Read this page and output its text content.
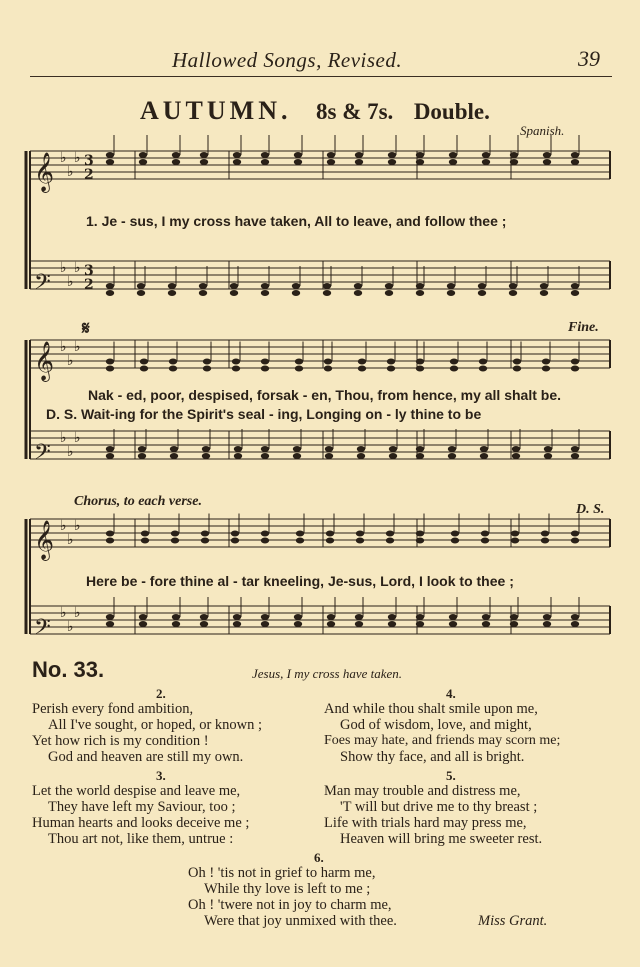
Hallowed Songs, Revised.	39
AUTUMN. 8s & 7s. Double.
Spanish.
𝄞 ♭
♭
♭
𝄢
♭
♭
♭
𝄞 ♭
♭
♭
𝄢
♭
♭
♭
𝄞 ♭
♭
♭
𝄢
♭
♭
♭
3
2
3
2
1. Je - sus, I my cross have taken, All to leave, and follow thee ;
𝄋	Fine.
Nak - ed, poor, despised, forsak - en, Thou, from hence, my all shalt be.
D. S. Wait-ing for the Spirit's seal - ing, Longing on - ly thine to be
Chorus, to each verse.
D. S.
Here be - fore thine al - tar kneeling, Je-sus, Lord, I look to thee ;
No. 33.	Jesus, I my cross have taken.
2.
Perish every fond ambition,
All I've sought, or hoped, or known ;
Yet how rich is my condition !
God and heaven are still my own.
3.
Let the world despise and leave me,
They have left my Saviour, too ;
Human hearts and looks deceive me ;
Thou art not, like them, untrue :
4.
And while thou shalt smile upon me,
God of wisdom, love, and might,
Foes may hate, and friends may scorn me;
Show thy face, and all is bright.
5.
Man may trouble and distress me,
'T will but drive me to thy breast ;
Life with trials hard may press me,
Heaven will bring me sweeter rest.
6.
Oh ! 'tis not in grief to harm me,
While thy love is left to me ;
Oh ! 'twere not in joy to charm me,
Were that joy unmixed with thee.	Miss Grant.
